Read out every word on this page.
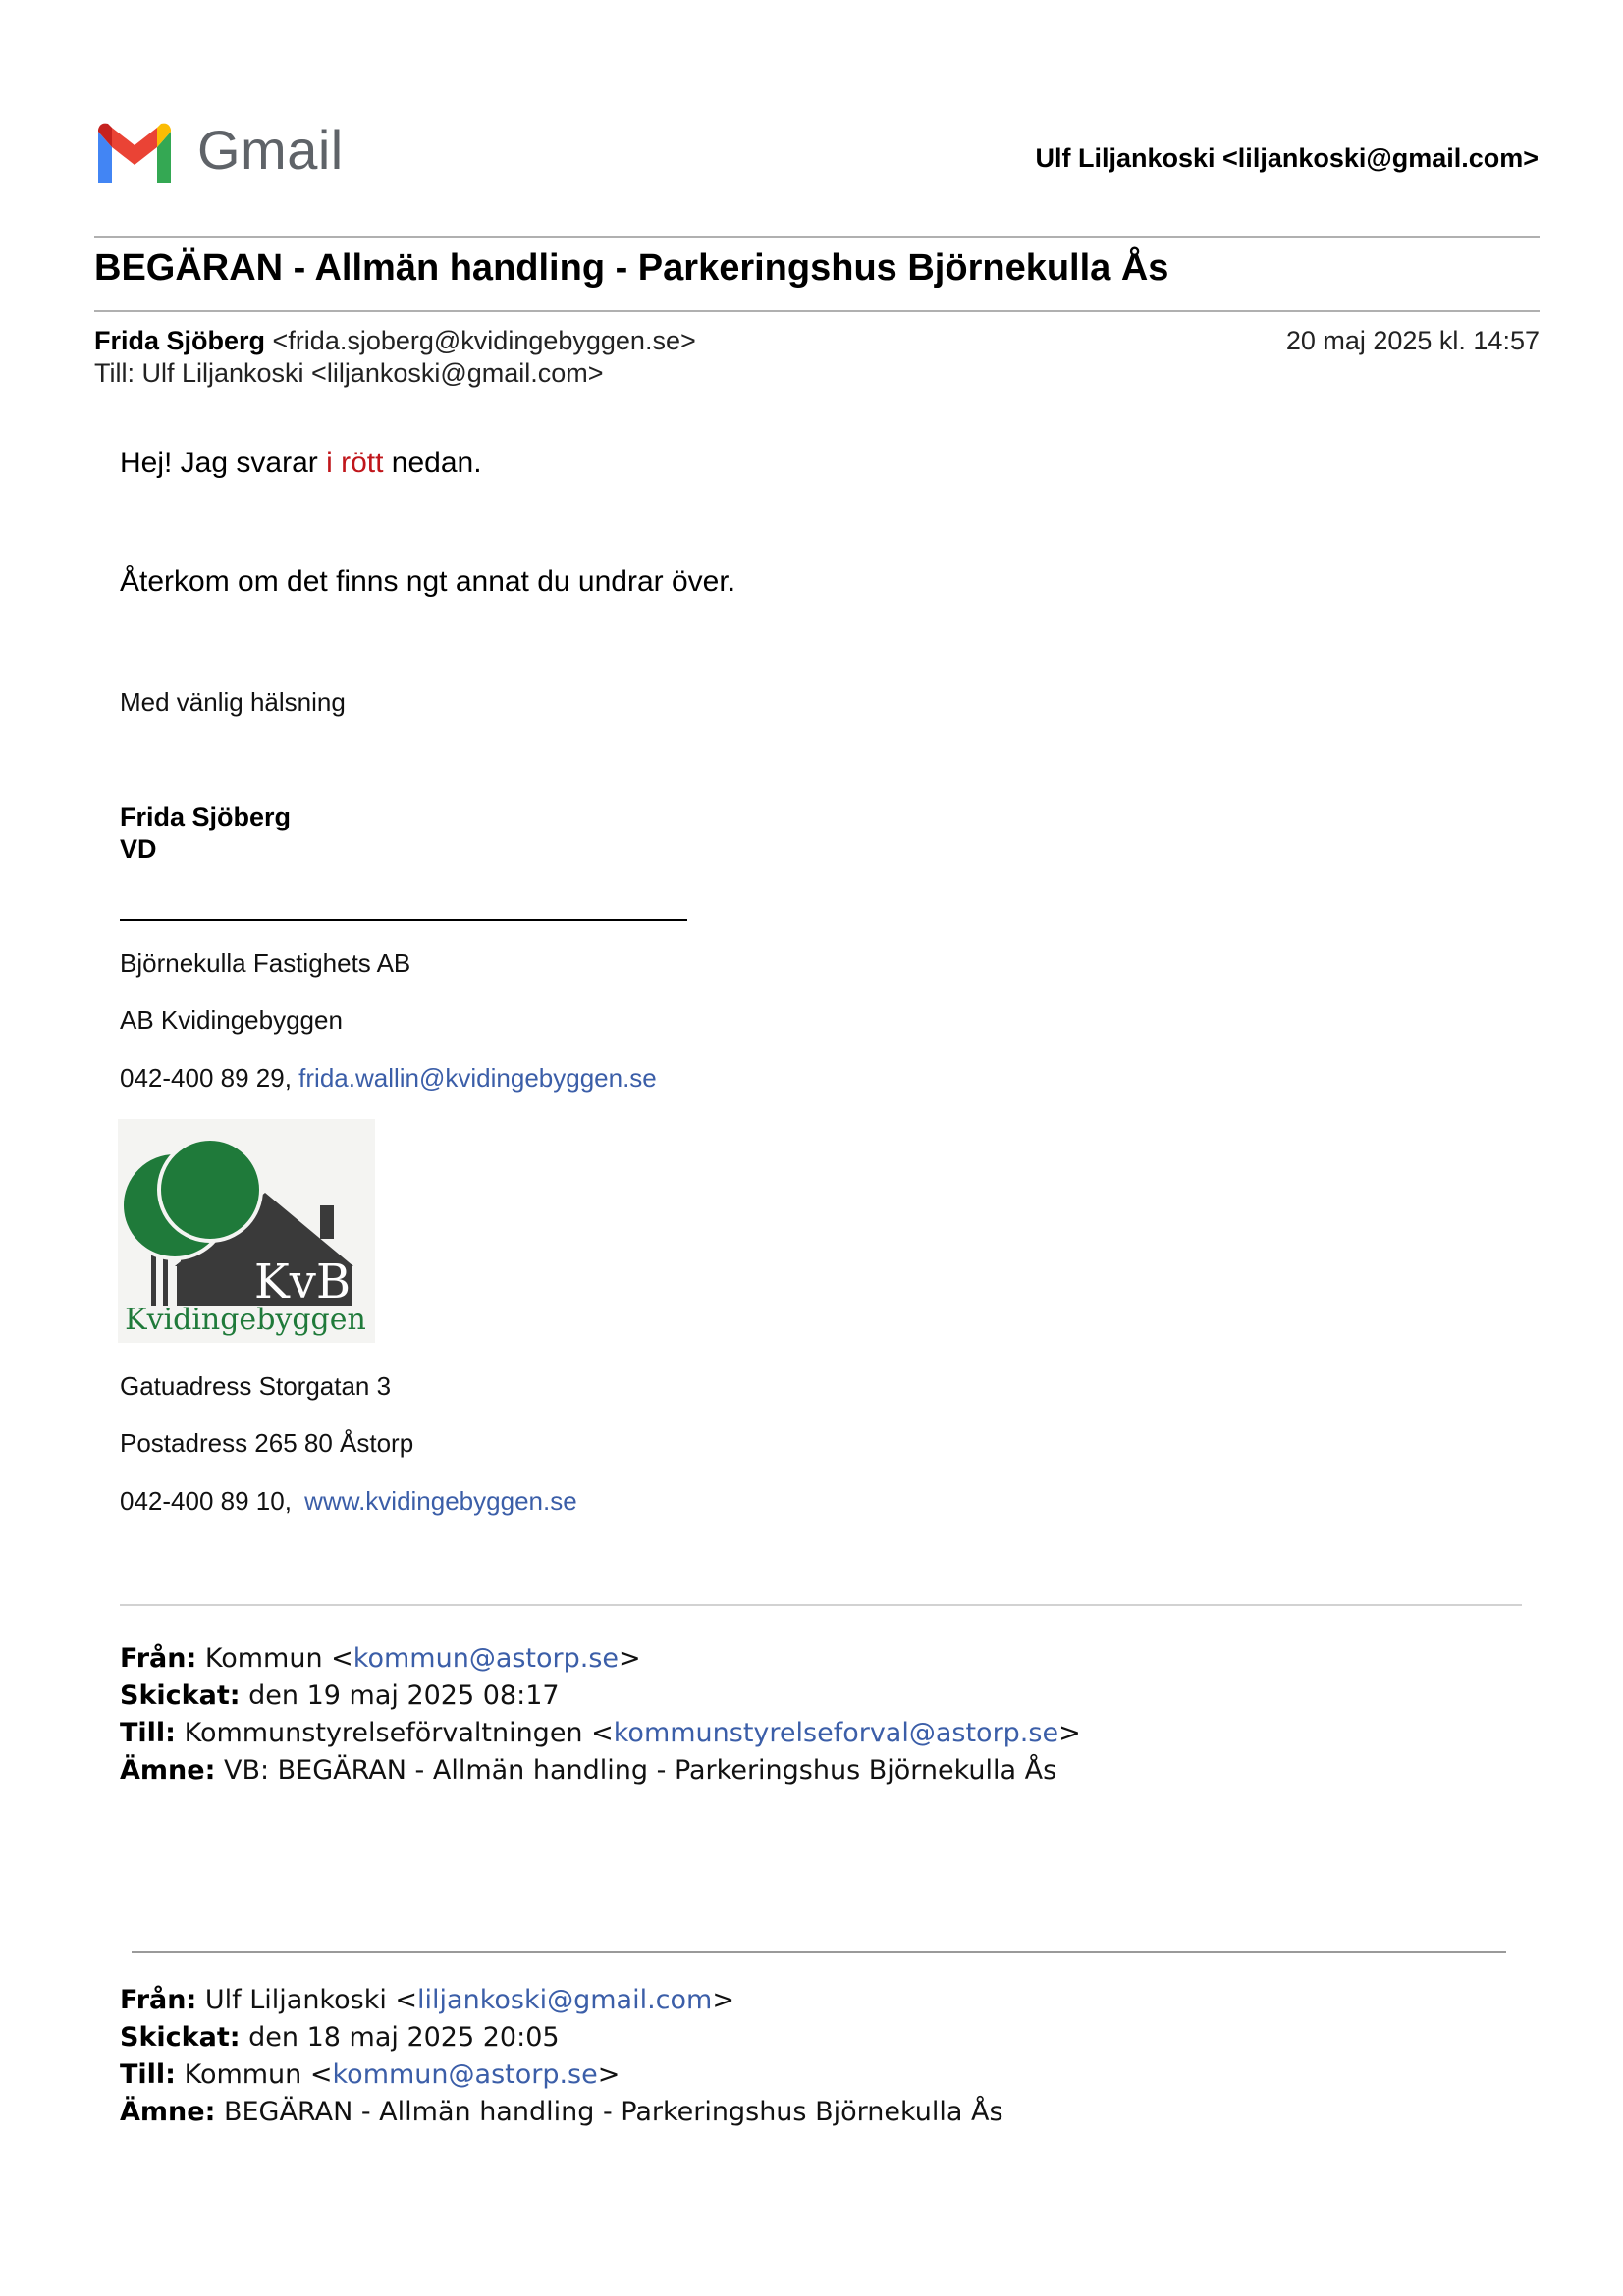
Gmail	Ulf Liljankoski <liljankoski@gmail.com>
BEGÄRAN - Allmän handling - Parkeringshus Björnekulla Ås
Frida Sjöberg <frida.sjoberg@kvidingebyggen.se>	20 maj 2025 kl. 14:57
Till: Ulf Liljankoski <liljankoski@gmail.com>
Hej! Jag svarar i rött nedan.
Återkom om det finns ngt annat du undrar över.
Med vänlig hälsning
Frida Sjöberg
VD
Björnekulla Fastighets AB
AB Kvidingebyggen
042-400 89 29, frida.wallin@kvidingebyggen.se
KvB
Kvidingebyggen
Gatuadress Storgatan 3
Postadress 265 80 Åstorp
042-400 89 10, www.kvidingebyggen.se
Från: Kommun <kommun@astorp.se>
Skickat: den 19 maj 2025 08:17
Till: Kommunstyrelseförvaltningen <kommunstyrelseforval@astorp.se>
Ämne: VB: BEGÄRAN - Allmän handling - Parkeringshus Björnekulla Ås
Från: Ulf Liljankoski <liljankoski@gmail.com>
Skickat: den 18 maj 2025 20:05
Till: Kommun <kommun@astorp.se>
Ämne: BEGÄRAN - Allmän handling - Parkeringshus Björnekulla Ås
